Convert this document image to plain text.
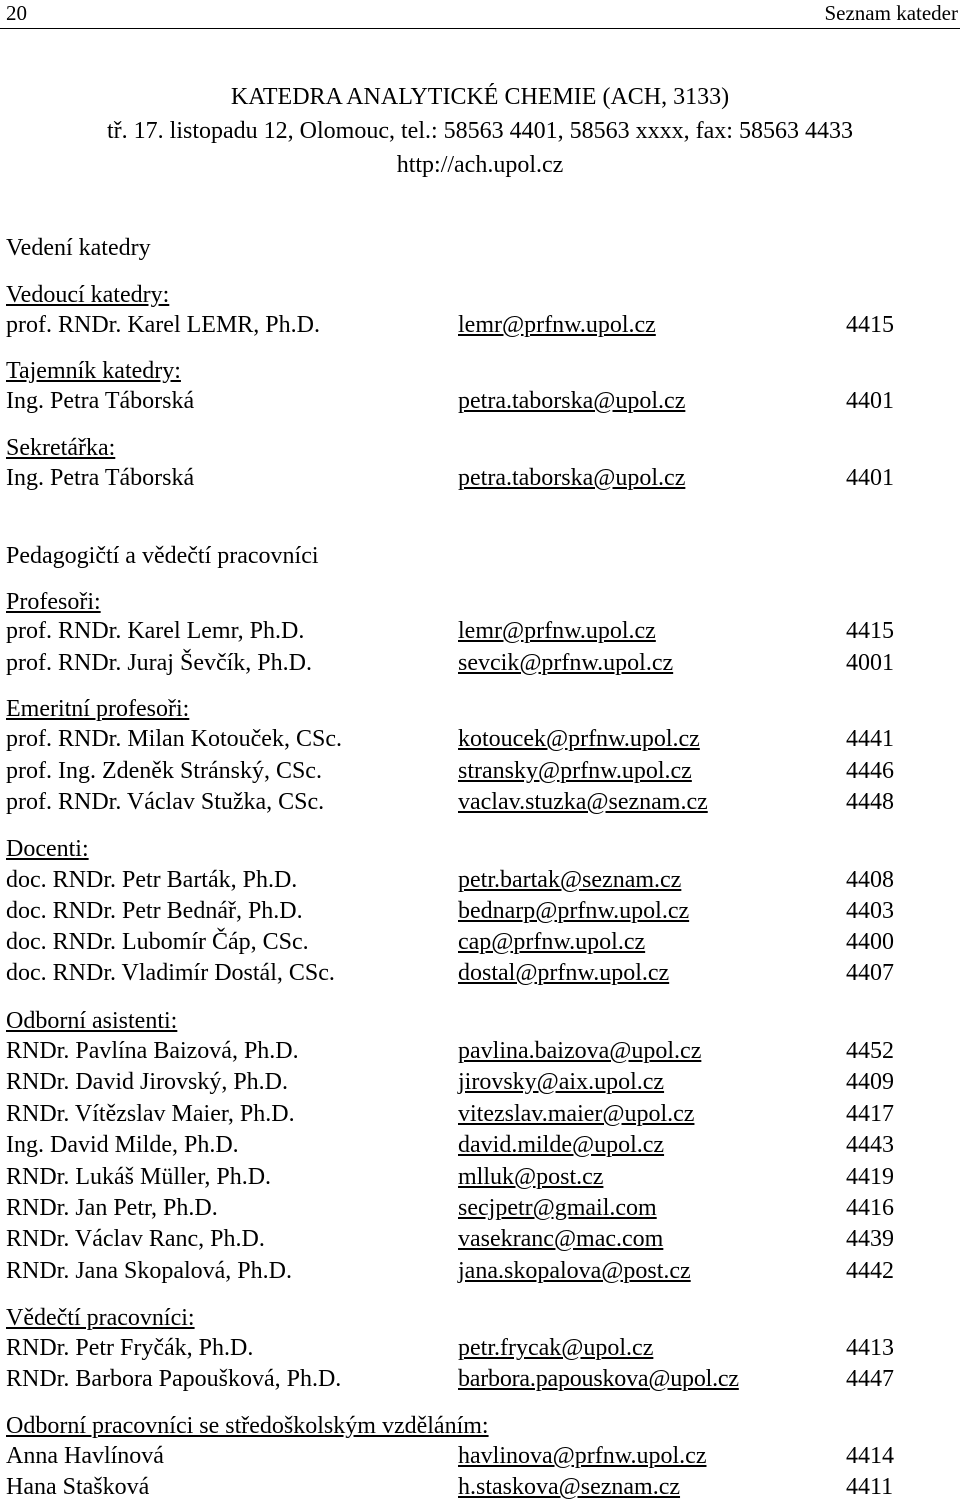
20	Seznam kateder
KATEDRA ANALYTICKÉ CHEMIE (ACH, 3133)
tř. 17. listopadu 12, Olomouc, tel.: 58563 4401, 58563 xxxx, fax: 58563 4433
http://ach.upol.cz
Vedení katedry
Vedoucí katedry:
prof. RNDr. Karel LEMR, Ph.D.	lemr@prfnw.upol.cz	4415
Tajemník katedry:
Ing. Petra Táborská	petra.taborska@upol.cz	4401
Sekretářka:
Ing. Petra Táborská	petra.taborska@upol.cz	4401
Pedagogičtí a vědečtí pracovníci
Profesoři:
prof. RNDr. Karel Lemr, Ph.D.	lemr@prfnw.upol.cz	4415
prof. RNDr. Juraj Ševčík, Ph.D.	sevcik@prfnw.upol.cz	4001
Emeritní profesoři:
prof. RNDr. Milan Kotouček, CSc.	kotoucek@prfnw.upol.cz	4441
prof. Ing. Zdeněk Stránský, CSc.	stransky@prfnw.upol.cz	4446
prof. RNDr. Václav Stužka, CSc.	vaclav.stuzka@seznam.cz	4448
Docenti:
doc. RNDr. Petr Barták, Ph.D.	petr.bartak@seznam.cz	4408
doc. RNDr. Petr Bednář, Ph.D.	bednarp@prfnw.upol.cz	4403
doc. RNDr. Lubomír Čáp, CSc.	cap@prfnw.upol.cz	4400
doc. RNDr. Vladimír Dostál, CSc.	dostal@prfnw.upol.cz	4407
Odborní asistenti:
RNDr. Pavlína Baizová, Ph.D.	pavlina.baizova@upol.cz	4452
RNDr. David Jirovský, Ph.D.	jirovsky@aix.upol.cz	4409
RNDr. Vítězslav Maier, Ph.D.	vitezslav.maier@upol.cz	4417
Ing. David Milde, Ph.D.	david.milde@upol.cz	4443
RNDr. Lukáš Müller, Ph.D.	mlluk@post.cz	4419
RNDr. Jan Petr, Ph.D.	secjpetr@gmail.com	4416
RNDr. Václav Ranc, Ph.D.	vasekranc@mac.com	4439
RNDr. Jana Skopalová, Ph.D.	jana.skopalova@post.cz	4442
Vědečtí pracovníci:
RNDr. Petr Fryčák, Ph.D.	petr.frycak@upol.cz	4413
RNDr. Barbora Papoušková, Ph.D.	barbora.papouskova@upol.cz	4447
Odborní pracovníci se středoškolským vzděláním:
Anna Havlínová	havlinova@prfnw.upol.cz	4414
Hana Stašková	h.staskova@seznam.cz	4411
